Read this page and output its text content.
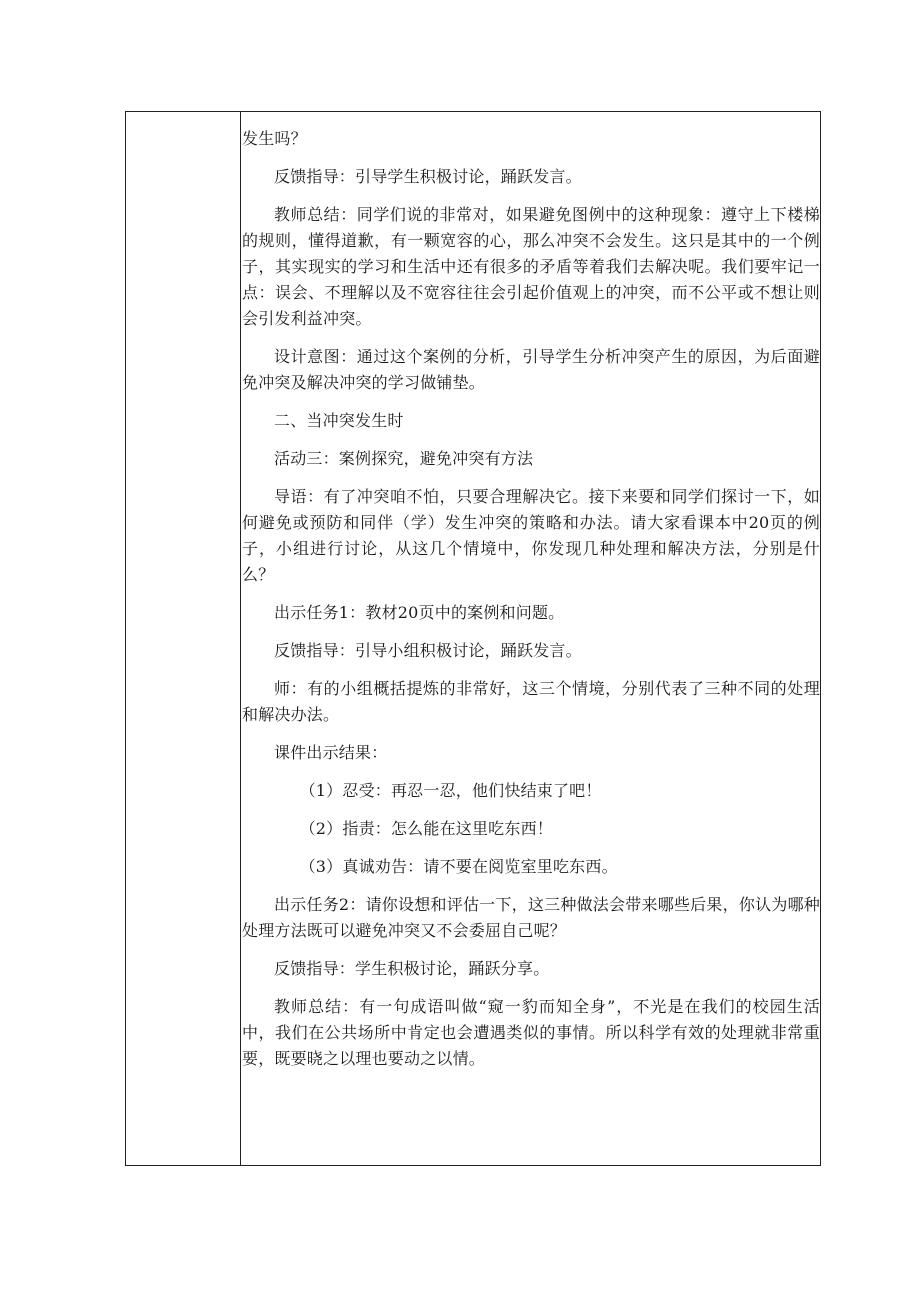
发生吗？

反馈指导：引导学生积极讨论，踊跃发言。

教师总结：同学们说的非常对，如果避免图例中的这种现象：遵守上下楼梯的规则，懂得道歉，有一颗宽容的心，那么冲突不会发生。这只是其中的一个例子，其实现实的学习和生活中还有很多的矛盾等着我们去解决呢。我们要牢记一点：误会、不理解以及不宽容往往会引起价值观上的冲突，而不公平或不想让则会引发利益冲突。

设计意图：通过这个案例的分析，引导学生分析冲突产生的原因，为后面避免冲突及解决冲突的学习做铺垫。

二、当冲突发生时

活动三：案例探究，避免冲突有方法

导语：有了冲突咱不怕，只要合理解决它。接下来要和同学们探讨一下，如何避免或预防和同伴（学）发生冲突的策略和办法。请大家看课本中20页的例子，小组进行讨论，从这几个情境中，你发现几种处理和解决方法，分别是什么？

出示任务1：教材20页中的案例和问题。

反馈指导：引导小组积极讨论，踊跃发言。

师：有的小组概括提炼的非常好，这三个情境，分别代表了三种不同的处理和解决办法。

课件出示结果：

（1）忍受：再忍一忍，他们快结束了吧！

（2）指责：怎么能在这里吃东西！

（3）真诚劝告：请不要在阅览室里吃东西。

出示任务2：请你设想和评估一下，这三种做法会带来哪些后果，你认为哪种处理方法既可以避免冲突又不会委屈自己呢？

反馈指导：学生积极讨论，踊跃分享。

教师总结：有一句成语叫做“窥一豹而知全身”，不光是在我们的校园生活中，我们在公共场所中肯定也会遭遇类似的事情。所以科学有效的处理就非常重要，既要晓之以理也要动之以情。
